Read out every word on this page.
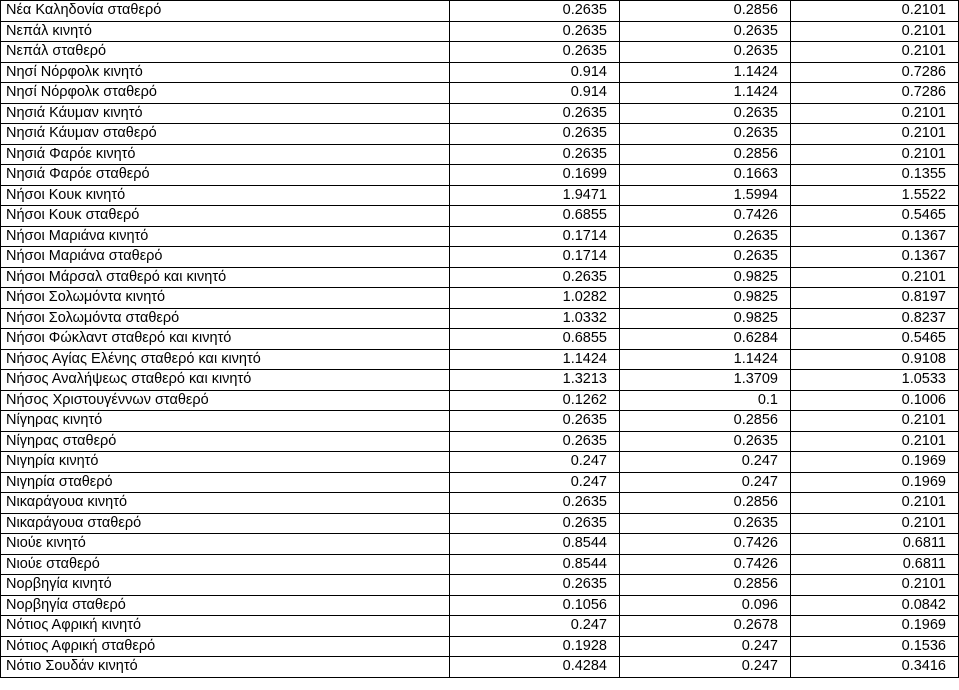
Νέα Καληδονία σταθερό	0.2635	0.2856	0.2101
Νεπάλ κινητό	0.2635	0.2635	0.2101
Νεπάλ σταθερό	0.2635	0.2635	0.2101
Νησί Νόρφολκ κινητό	0.914	1.1424	0.7286
Νησί Νόρφολκ σταθερό	0.914	1.1424	0.7286
Νησιά Κάυμαν κινητό	0.2635	0.2635	0.2101
Νησιά Κάυμαν σταθερό	0.2635	0.2635	0.2101
Νησιά Φαρόε κινητό	0.2635	0.2856	0.2101
Νησιά Φαρόε σταθερό	0.1699	0.1663	0.1355
Νήσοι Κουκ κινητό	1.9471	1.5994	1.5522
Νήσοι Κουκ σταθερό	0.6855	0.7426	0.5465
Νήσοι Μαριάνα κινητό	0.1714	0.2635	0.1367
Νήσοι Μαριάνα σταθερό	0.1714	0.2635	0.1367
Νήσοι Μάρσαλ σταθερό και κινητό	0.2635	0.9825	0.2101
Νήσοι Σολωμόντα κινητό	1.0282	0.9825	0.8197
Νήσοι Σολωμόντα σταθερό	1.0332	0.9825	0.8237
Νήσοι Φώκλαντ σταθερό και κινητό	0.6855	0.6284	0.5465
Νήσος Αγίας Ελένης σταθερό και κινητό	1.1424	1.1424	0.9108
Νήσος Αναλήψεως σταθερό και κινητό	1.3213	1.3709	1.0533
Νήσος Χριστουγέννων σταθερό	0.1262	0.1	0.1006
Νίγηρας κινητό	0.2635	0.2856	0.2101
Νίγηρας σταθερό	0.2635	0.2635	0.2101
Νιγηρία κινητό	0.247	0.247	0.1969
Νιγηρία σταθερό	0.247	0.247	0.1969
Νικαράγουα κινητό	0.2635	0.2856	0.2101
Νικαράγουα σταθερό	0.2635	0.2635	0.2101
Νιούε κινητό	0.8544	0.7426	0.6811
Νιούε σταθερό	0.8544	0.7426	0.6811
Νορβηγία κινητό	0.2635	0.2856	0.2101
Νορβηγία σταθερό	0.1056	0.096	0.0842
Νότιος Αφρική κινητό	0.247	0.2678	0.1969
Νότιος Αφρική σταθερό	0.1928	0.247	0.1536
Νότιο Σουδάν κινητό	0.4284	0.247	0.3416
